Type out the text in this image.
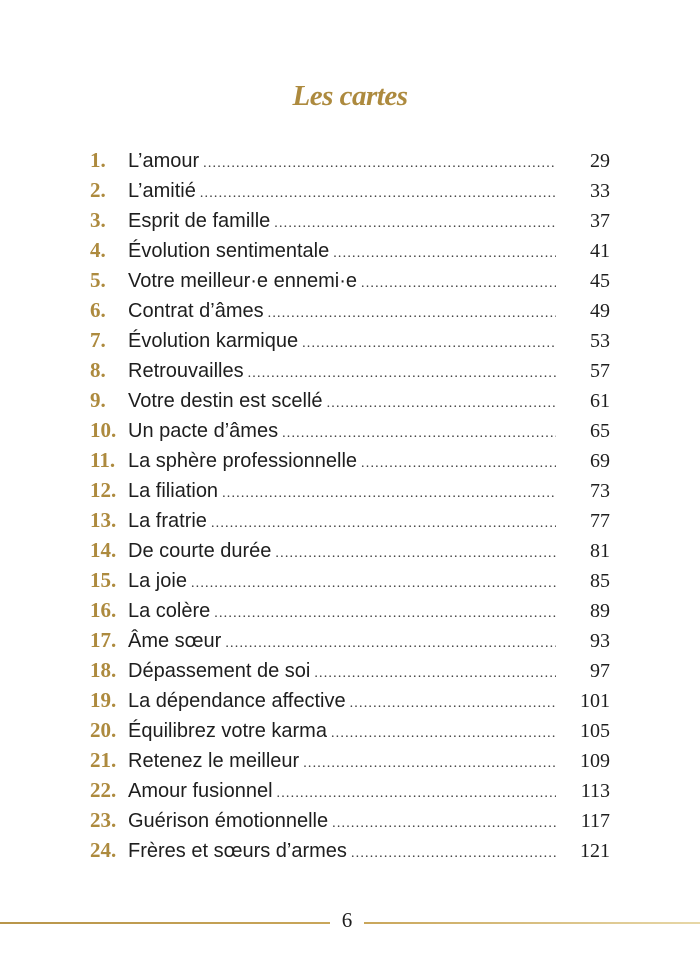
Les cartes
1.	L’amour .....	29
2.	L’amitié .....	33
3.	Esprit de famille .....	37
4.	Évolution sentimentale .....	41
5.	Votre meilleur·e ennemi·e .....	45
6.	Contrat d’âmes .....	49
7.	Évolution karmique .....	53
8.	Retrouvailles .....	57
9.	Votre destin est scellé .....	61
10. Un pacte d’âmes .....	65
11. La sphère professionnelle .....	69
12. La filiation .....	73
13. La fratrie .....	77
14. De courte durée .....	81
15. La joie .....	85
16. La colère .....	89
17. Âme sœur .....	93
18. Dépassement de soi .....	97
19. La dépendance affective .....	101
20. Équilibrez votre karma .....	105
21. Retenez le meilleur .....	109
22. Amour fusionnel .....	113
23. Guérison émotionnelle .....	117
24. Frères et sœurs d’armes .....	121
6
